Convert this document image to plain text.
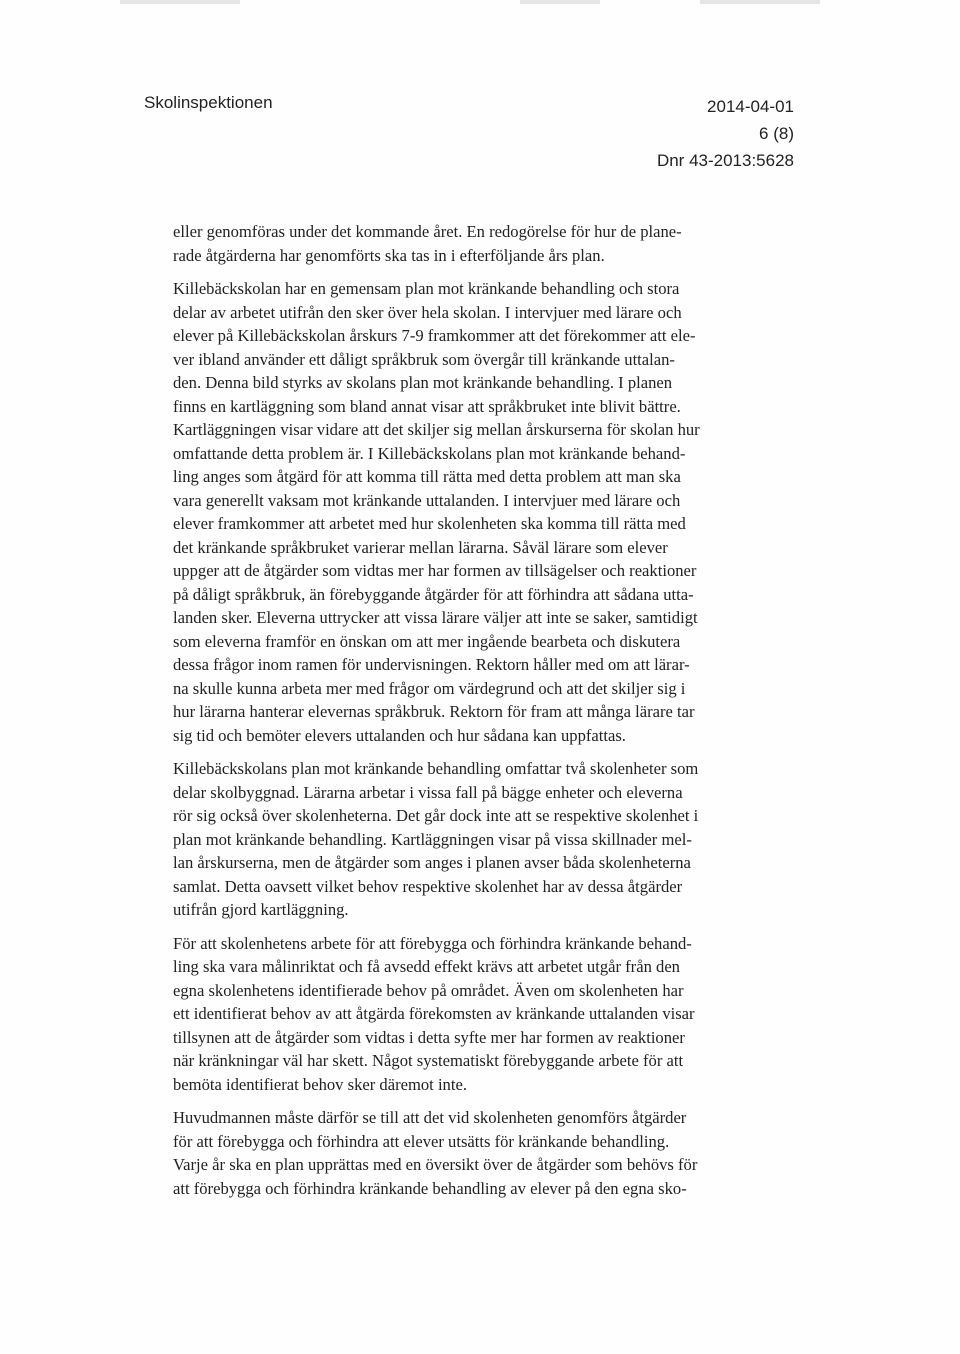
Skolinspektionen	2014-04-01
6 (8)
Dnr 43-2013:5628

eller genomföras under det kommande året. En redogörelse för hur de plane-
rade åtgärderna har genomförts ska tas in i efterföljande års plan.

Killebäckskolan har en gemensam plan mot kränkande behandling och stora
delar av arbetet utifrån den sker över hela skolan. I intervjuer med lärare och
elever på Killebäckskolan årskurs 7-9 framkommer att det förekommer att ele-
ver ibland använder ett dåligt språkbruk som övergår till kränkande uttalan-
den. Denna bild styrks av skolans plan mot kränkande behandling. I planen
finns en kartläggning som bland annat visar att språkbruket inte blivit bättre.
Kartläggningen visar vidare att det skiljer sig mellan årskurserna för skolan hur
omfattande detta problem är. I Killebäckskolans plan mot kränkande behand-
ling anges som åtgärd för att komma till rätta med detta problem att man ska
vara generellt vaksam mot kränkande uttalanden. I intervjuer med lärare och
elever framkommer att arbetet med hur skolenheten ska komma till rätta med
det kränkande språkbruket varierar mellan lärarna. Såväl lärare som elever
uppger att de åtgärder som vidtas mer har formen av tillsägelser och reaktioner
på dåligt språkbruk, än förebyggande åtgärder för att förhindra att sådana utta-
landen sker. Eleverna uttrycker att vissa lärare väljer att inte se saker, samtidigt
som eleverna framför en önskan om att mer ingående bearbeta och diskutera
dessa frågor inom ramen för undervisningen. Rektorn håller med om att lärar-
na skulle kunna arbeta mer med frågor om värdegrund och att det skiljer sig i
hur lärarna hanterar elevernas språkbruk. Rektorn för fram att många lärare tar
sig tid och bemöter elevers uttalanden och hur sådana kan uppfattas.

Killebäckskolans plan mot kränkande behandling omfattar två skolenheter som
delar skolbyggnad. Lärarna arbetar i vissa fall på bägge enheter och eleverna
rör sig också över skolenheterna. Det går dock inte att se respektive skolenhet i
plan mot kränkande behandling. Kartläggningen visar på vissa skillnader mel-
lan årskurserna, men de åtgärder som anges i planen avser båda skolenheterna
samlat. Detta oavsett vilket behov respektive skolenhet har av dessa åtgärder
utifrån gjord kartläggning.

För att skolenhetens arbete för att förebygga och förhindra kränkande behand-
ling ska vara målinriktat och få avsedd effekt krävs att arbetet utgår från den
egna skolenhetens identifierade behov på området. Även om skolenheten har
ett identifierat behov av att åtgärda förekomsten av kränkande uttalanden visar
tillsynen att de åtgärder som vidtas i detta syfte mer har formen av reaktioner
när kränkningar väl har skett. Något systematiskt förebyggande arbete för att
bemöta identifierat behov sker däremot inte.

Huvudmannen måste därför se till att det vid skolenheten genomförs åtgärder
för att förebygga och förhindra att elever utsätts för kränkande behandling.
Varje år ska en plan upprättas med en översikt över de åtgärder som behövs för
att förebygga och förhindra kränkande behandling av elever på den egna sko-
